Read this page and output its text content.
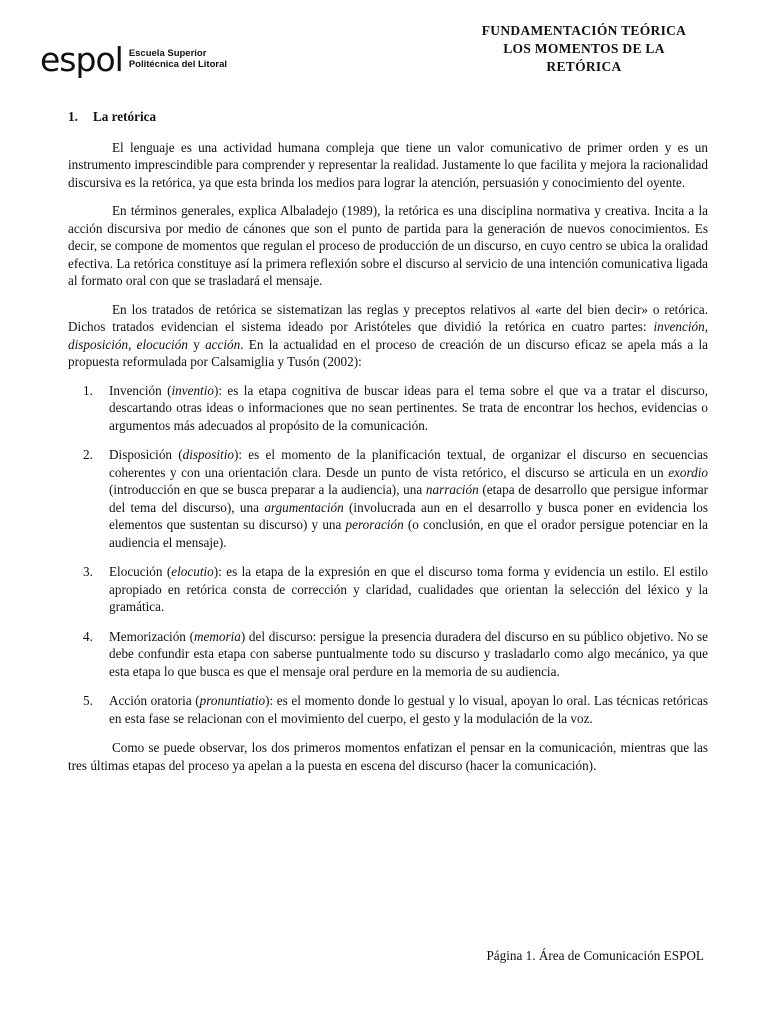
espol Escuela Superior
Politécnica del Litoral
FUNDAMENTACIÓN TEÓRICA
LOS MOMENTOS DE LA
RETÓRICA
1. La retórica

El lenguaje es una actividad humana compleja que tiene un valor comunicativo de primer orden y es un instrumento imprescindible para comprender y representar la realidad. Justamente lo que facilita y mejora la racionalidad discursiva es la retórica, ya que esta brinda los medios para lograr la atención, persuasión y conocimiento del oyente.

En términos generales, explica Albaladejo (1989), la retórica es una disciplina normativa y creativa. Incita a la acción discursiva por medio de cánones que son el punto de partida para la generación de nuevos conocimientos. Es decir, se compone de momentos que regulan el proceso de producción de un discurso, en cuyo centro se ubica la oralidad efectiva. La retórica constituye así la primera reflexión sobre el discurso al servicio de una intención comunicativa ligada al formato oral con que se trasladará el mensaje.

En los tratados de retórica se sistematizan las reglas y preceptos relativos al «arte del bien decir» o retórica. Dichos tratados evidencian el sistema ideado por Aristóteles que dividió la retórica en cuatro partes: invención, disposición, elocución y acción. En la actualidad en el proceso de creación de un discurso eficaz se apela más a la propuesta reformulada por Calsamiglia y Tusón (2002):

1. Invención (inventio): es la etapa cognitiva de buscar ideas para el tema sobre el que va a tratar el discurso, descartando otras ideas o informaciones que no sean pertinentes. Se trata de encontrar los hechos, evidencias o argumentos más adecuados al propósito de la comunicación.
2. Disposición (dispositio): es el momento de la planificación textual, de organizar el discurso en secuencias coherentes y con una orientación clara. Desde un punto de vista retórico, el discurso se articula en un exordio (introducción en que se busca preparar a la audiencia), una narración (etapa de desarrollo que persigue informar del tema del discurso), una argumentación (involucrada aun en el desarrollo y busca poner en evidencia los elementos que sustentan su discurso) y una peroración (o conclusión, en que el orador persigue potenciar en la audiencia el mensaje).
3. Elocución (elocutio): es la etapa de la expresión en que el discurso toma forma y evidencia un estilo. El estilo apropiado en retórica consta de corrección y claridad, cualidades que orientan la selección del léxico y la gramática.
4. Memorización (memoria) del discurso: persigue la presencia duradera del discurso en su público objetivo. No se debe confundir esta etapa con saberse puntualmente todo su discurso y trasladarlo como algo mecánico, ya que esta etapa lo que busca es que el mensaje oral perdure en la memoria de su audiencia.
5. Acción oratoria (pronuntiatio): es el momento donde lo gestual y lo visual, apoyan lo oral. Las técnicas retóricas en esta fase se relacionan con el movimiento del cuerpo, el gesto y la modulación de la voz.

Como se puede observar, los dos primeros momentos enfatizan el pensar en la comunicación, mientras que las tres últimas etapas del proceso ya apelan a la puesta en escena del discurso (hacer la comunicación).

Página 1. Área de Comunicación ESPOL
